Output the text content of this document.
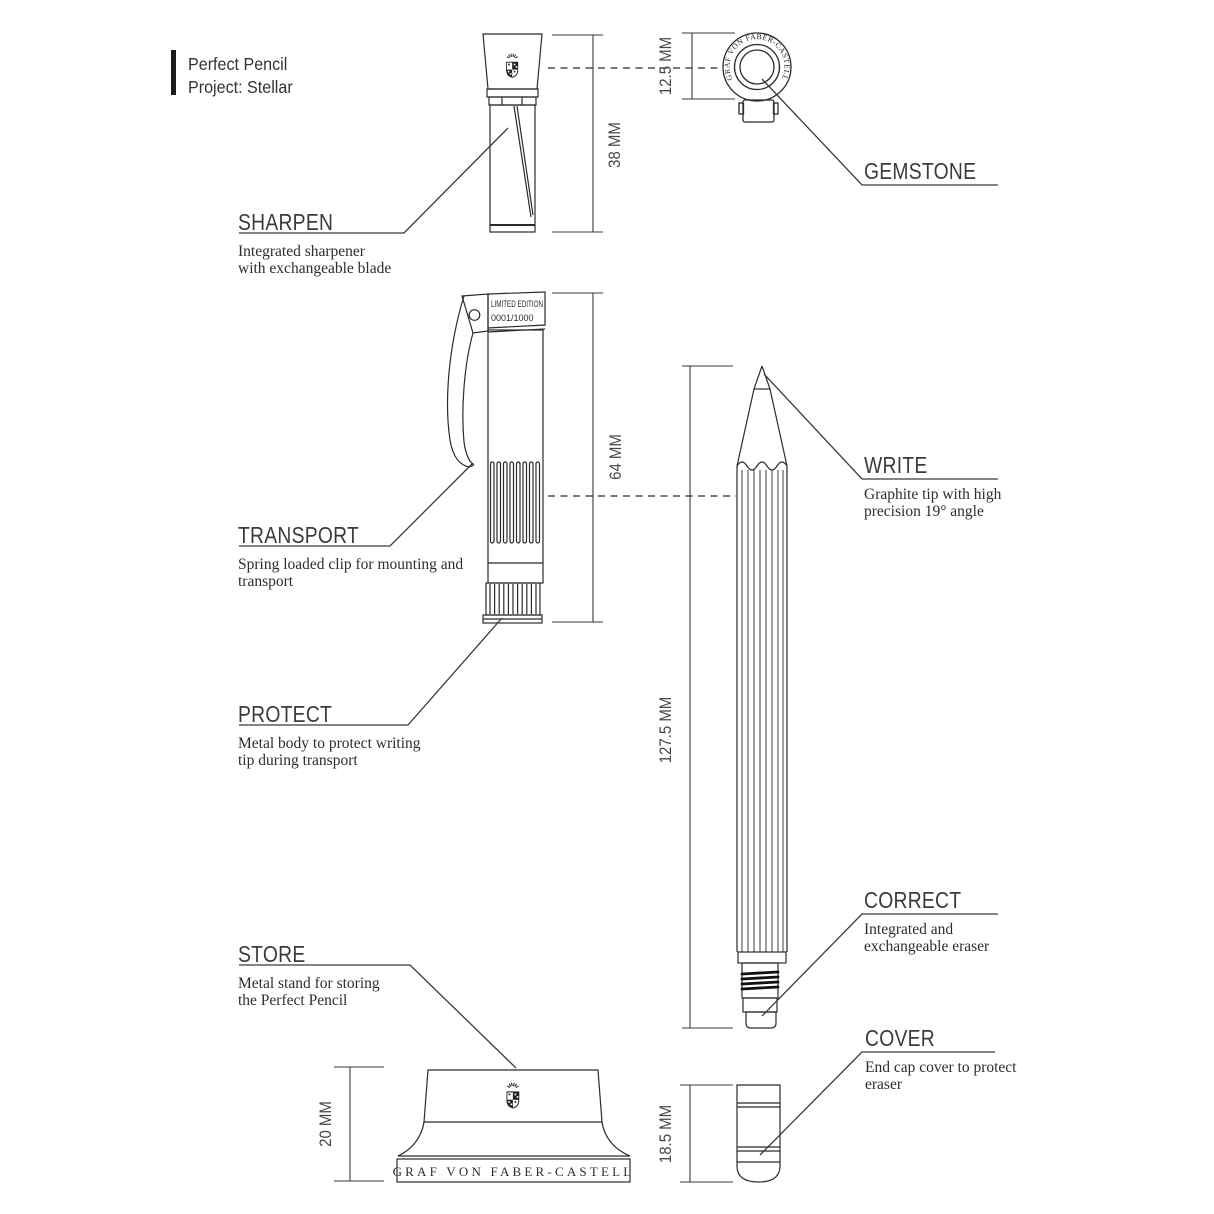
GRAF VON FABER-CASTELL
LIMITED EDITION
0001/1000
GRAF VON FABER-CASTELL
Perfect Pencil
Project: Stellar
SHARPEN
Integrated sharpener
with exchangeable blade
TRANSPORT
Spring loaded clip for mounting and
transport
PROTECT
Metal body to protect writing
tip during transport
STORE
Metal stand for storing
the Perfect Pencil
GEMSTONE
WRITE
Graphite tip with high
precision 19° angle
CORRECT
Integrated and
exchangeable eraser
COVER
End cap cover to protect
eraser
38 MM
12.5 MM
64 MM
127.5 MM
20 MM	18.5 MM
